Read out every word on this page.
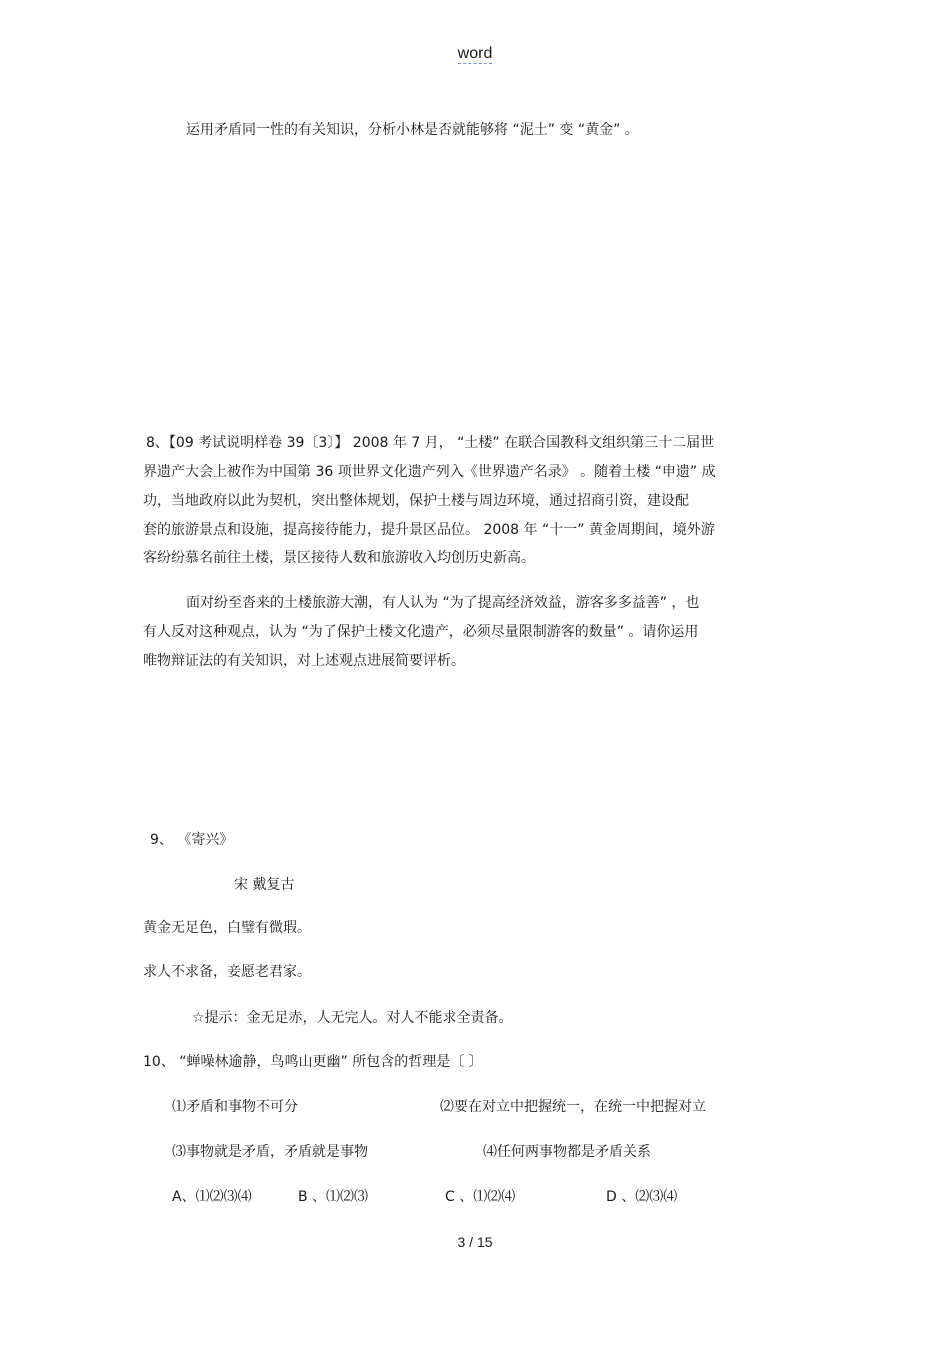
word
运用矛盾同一性的有关知识，分析小林是否就能够将 “泥土” 变 “黄金” 。
8、【09 考试说明样卷 39〔3〕】 2008 年 7 月， “土楼” 在联合国教科文组织第三十二届世
界遗产大会上被作为中国第 36 项世界文化遗产列入《世界遗产名录》 。随着土楼 “申遗” 成
功，当地政府以此为契机，突出整体规划，保护土楼与周边环境，通过招商引资，建设配
套的旅游景点和设施，提高接待能力，提升景区品位。 2008 年 “十一” 黄金周期间，境外游
客纷纷慕名前往土楼，景区接待人数和旅游收入均创历史新高。
面对纷至沓来的土楼旅游大潮，有人认为 “为了提高经济效益，游客多多益善” ，也
有人反对这种观点，认为 “为了保护土楼文化遗产，必须尽量限制游客的数量” 。请你运用
唯物辩证法的有关知识，对上述观点进展简要评析。
9、 《寄兴》
宋 戴复古
黄金无足色，白璧有微瑕。
求人不求备，妾愿老君家。
☆提示：金无足赤，人无完人。对人不能求全责备。
10、 “蝉噪林逾静，鸟鸣山更幽” 所包含的哲理是〔 〕
⑴矛盾和事物不可分	⑵要在对立中把握统一，在统一中把握对立
⑶事物就是矛盾，矛盾就是事物	⑷任何两事物都是矛盾关系
A、⑴⑵⑶⑷	B 、⑴⑵⑶	C 、⑴⑵⑷	D 、⑵⑶⑷
3 / 15
